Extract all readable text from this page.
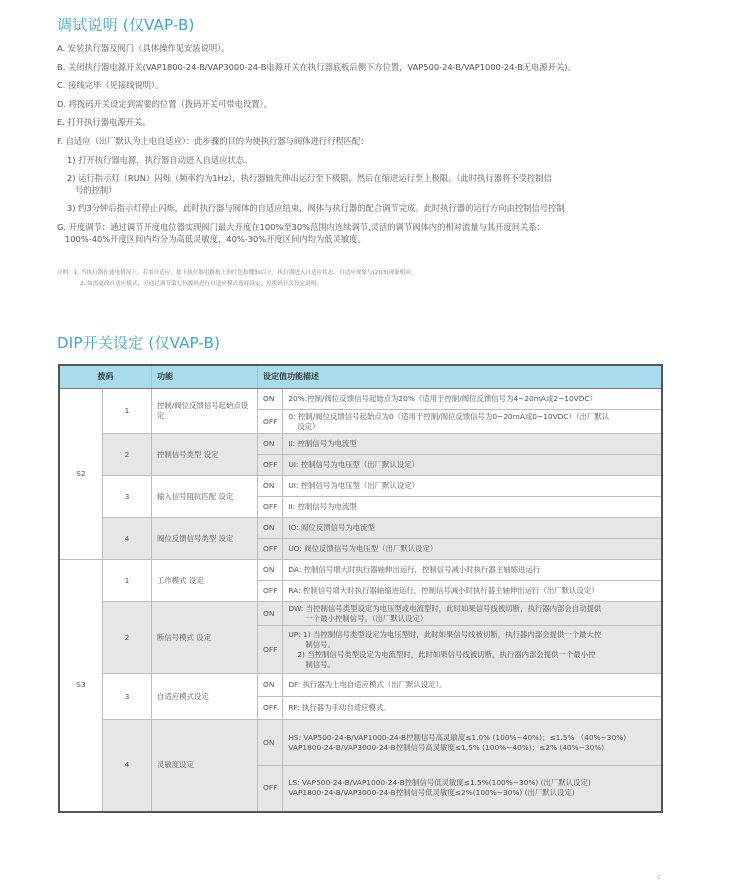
调试说明 (仅VAP-B)

A. 安装执行器及阀门（具体操作见安装说明）。

B. 关闭执行器电源开关(VAP1800-24-B/VAP3000-24-B电源开关在执行器底板后侧下方位置，VAP500-24-B/VAP1000-24-B无电源开关)。

C. 接线完毕（见接线说明）。

D. 将拨码开关设定到需要的位置（拨码开关可带电设置）。

E. 打开执行器电源开关。

F. 自适应（出厂默认为上电自适应）：此步骤的目的为使执行器与阀体进行行程匹配：

1) 打开执行器电源，执行器自动进入自适应状态。

2) 运行指示灯（RUN）闪烁（频率约为1Hz），执行器轴先伸出运行至下极限，然后在缩进运行至上极限。（此时执行器将不受控制信
号的控制）

3) 约3分钟后指示灯停止闪烁，此时执行器与阀体的自适应结束，阀体与执行器的配合调节完成。此时执行器的运行方向由控制信号控制

G. 开度调节：通过调节开度电位器实现阀门最大开度在100%至30%范围内连续调节,灵活的调节阀体内的相对流量与其开度间关系：
100%-40%开度区间内均分为高低灵敏度，40%-30%开度区间内均为低灵敏度。

注明：1. 当执行器在通电情况下，若需自适应，按下执行器电路板上的红色按键3s以上，执行器进入自适应状态。自适应现象与(2)(3)现象相同。
2. 如需更改自适应模式，可通过调节第七位拨码进行自适应模式选择设定，见拨码开关设定说明。
DIP开关设定 (仅VAP-B)
拨码		功能	设定值功能描述	
S2	1	控制/阀位反馈信号起始点设定	ON	20%:控制/阀位反馈信号起始点为20%（适用于控制/阀位反馈信号为4~20mA或2~10VDC）
			OFF	0: 控制/阀位反馈信号起始点为0（适用于控制/阀位反馈信号为0~20mA或0~10VDC）（出厂默认
设定）

	2	控制信号类型 设定	ON	II: 控制信号为电流型
			OFF	UI: 控制信号为电压型（出厂默认设定）
	3	输入信号阻抗匹配 设定	ON	UI: 控制信号为电压型（出厂默认设定）
			OFF	II: 控制信号为电流型
	4	阀位反馈信号类型 设定	ON	IO: 阀位反馈信号为电流型
			OFF	UO: 阀位反馈信号为电压型（出厂默认设定）
S3	1	工作模式 设定	ON	DA: 控制信号增大时执行器轴伸出运行，控制信号减小时执行器主轴缩进运行
			OFF	RA: 控制信号增大时执行器轴缩进运行，控制信号减小时执行器主轴伸出运行（出厂默认设定）
	2	断信号模式 设定	ON	DW: 当控制信号类型设定为电压型或电流型时，此时如果信号线被切断，执行器内部会自动提供
一个最小控制信号。（出厂默认设定）

			OFF	UP: 1) 当控制信号类型设定为电压型时，此时如果信号线被切断，执行器内部会提供一个最大控
制信号。
2) 当控制信号类型设定为电流型时，此时如果信号线被切断，执行器内部会提供一个最小控
制信号。

	3	自适应模式设定	ON	DF: 执行器为上电自适应模式（出厂默认设定）。
			OFF	RF: 执行器为手动自适应模式。
	4	灵敏度设定	ON	HS: VAP500-24-B/VAP1000-24-B控制信号高灵敏度≤1.0% (100%~40%)；≤1.5% （40%~30%)
VAP1800-24-B/VAP3000-24-B控制信号高灵敏度≤1.5% (100%~40%)；≤2% (40%~30%)

			OFF	LS: VAP500-24-B/VAP1000-24-B控制信号低灵敏度≤1.5%(100%~30%) (出厂默认设定)
VAP1800-24-B/VAP3000-24-B控制信号低灵敏度≤2%(100%~30%) (出厂默认设定)
c
